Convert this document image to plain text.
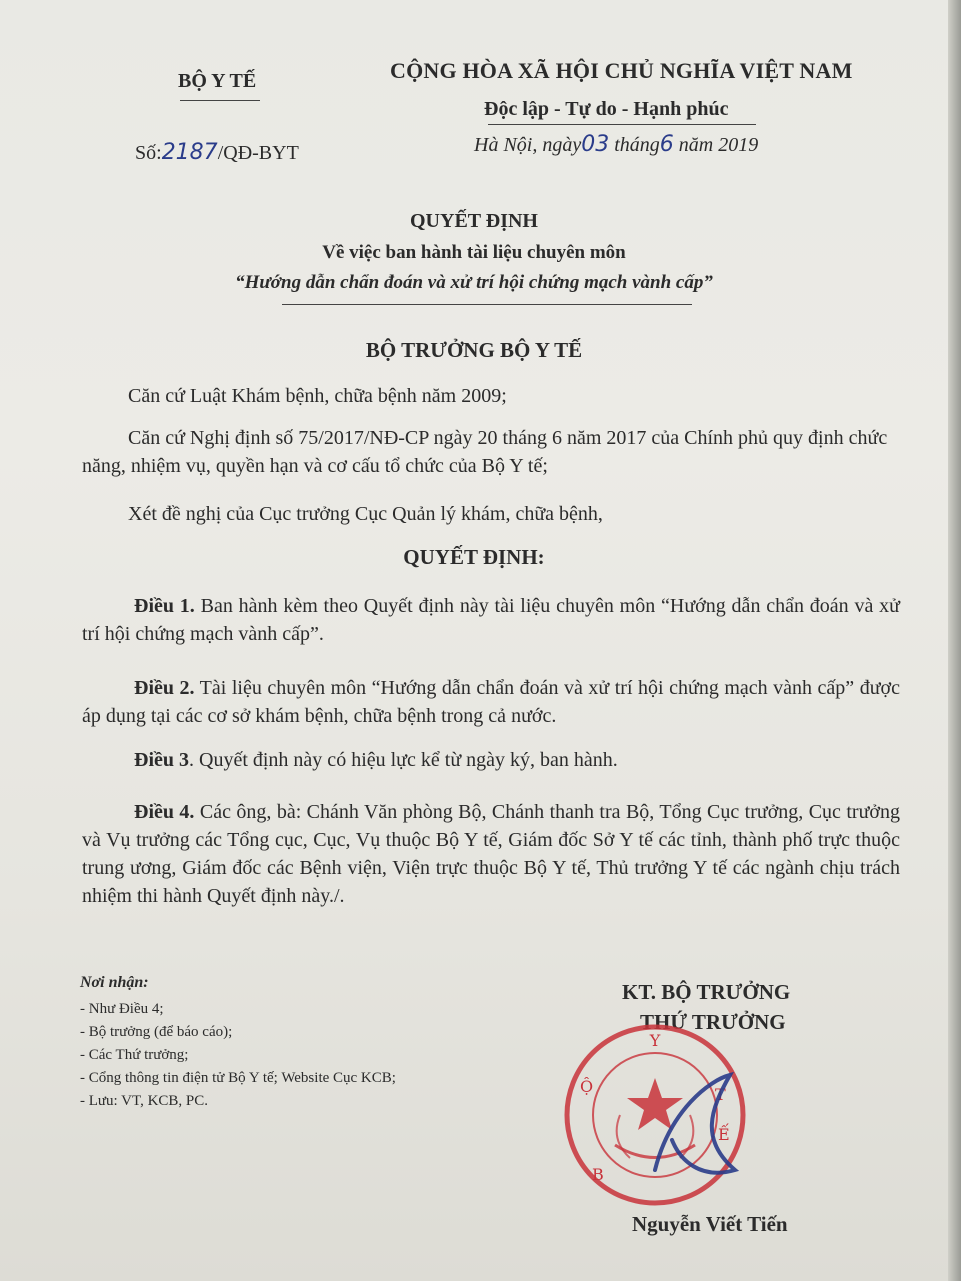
BỘ Y TẾ	CỘNG HÒA XÃ HỘI CHỦ NGHĨA VIỆT NAM
Độc lập - Tự do - Hạnh phúc
Số:2187/QĐ-BYT	Hà Nội, ngày03 tháng6 năm 2019
QUYẾT ĐỊNH
Về việc ban hành tài liệu chuyên môn
“Hướng dẫn chẩn đoán và xử trí hội chứng mạch vành cấp”
BỘ TRƯỞNG BỘ Y TẾ
Căn cứ Luật Khám bệnh, chữa bệnh năm 2009;
Căn cứ Nghị định số 75/2017/NĐ-CP ngày 20 tháng 6 năm 2017 của Chính phủ quy định chức năng, nhiệm vụ, quyền hạn và cơ cấu tổ chức của Bộ Y tế;
Xét đề nghị của Cục trưởng Cục Quản lý khám, chữa bệnh,
QUYẾT ĐỊNH:
Điều 1. Ban hành kèm theo Quyết định này tài liệu chuyên môn “Hướng dẫn chẩn đoán và xử trí hội chứng mạch vành cấp”.
Điều 2. Tài liệu chuyên môn “Hướng dẫn chẩn đoán và xử trí hội chứng mạch vành cấp” được áp dụng tại các cơ sở khám bệnh, chữa bệnh trong cả nước.
Điều 3. Quyết định này có hiệu lực kể từ ngày ký, ban hành.
Điều 4. Các ông, bà: Chánh Văn phòng Bộ, Chánh thanh tra Bộ, Tổng Cục trưởng, Cục trưởng và Vụ trưởng các Tổng cục, Cục, Vụ thuộc Bộ Y tế, Giám đốc Sở Y tế các tỉnh, thành phố trực thuộc trung ương, Giám đốc các Bệnh viện, Viện trực thuộc Bộ Y tế, Thủ trưởng Y tế các ngành chịu trách nhiệm thi hành Quyết định này./.
Nơi nhận:
- Như Điều 4;
- Bộ trưởng (để báo cáo);
- Các Thứ trưởng;
- Cổng thông tin điện tử Bộ Y tế; Website Cục KCB;
- Lưu: VT, KCB, PC.
KT. BỘ TRƯỞNG
THỨ TRƯỞNG
Y
Ộ	T
B
Ế
Nguyễn Viết Tiến
